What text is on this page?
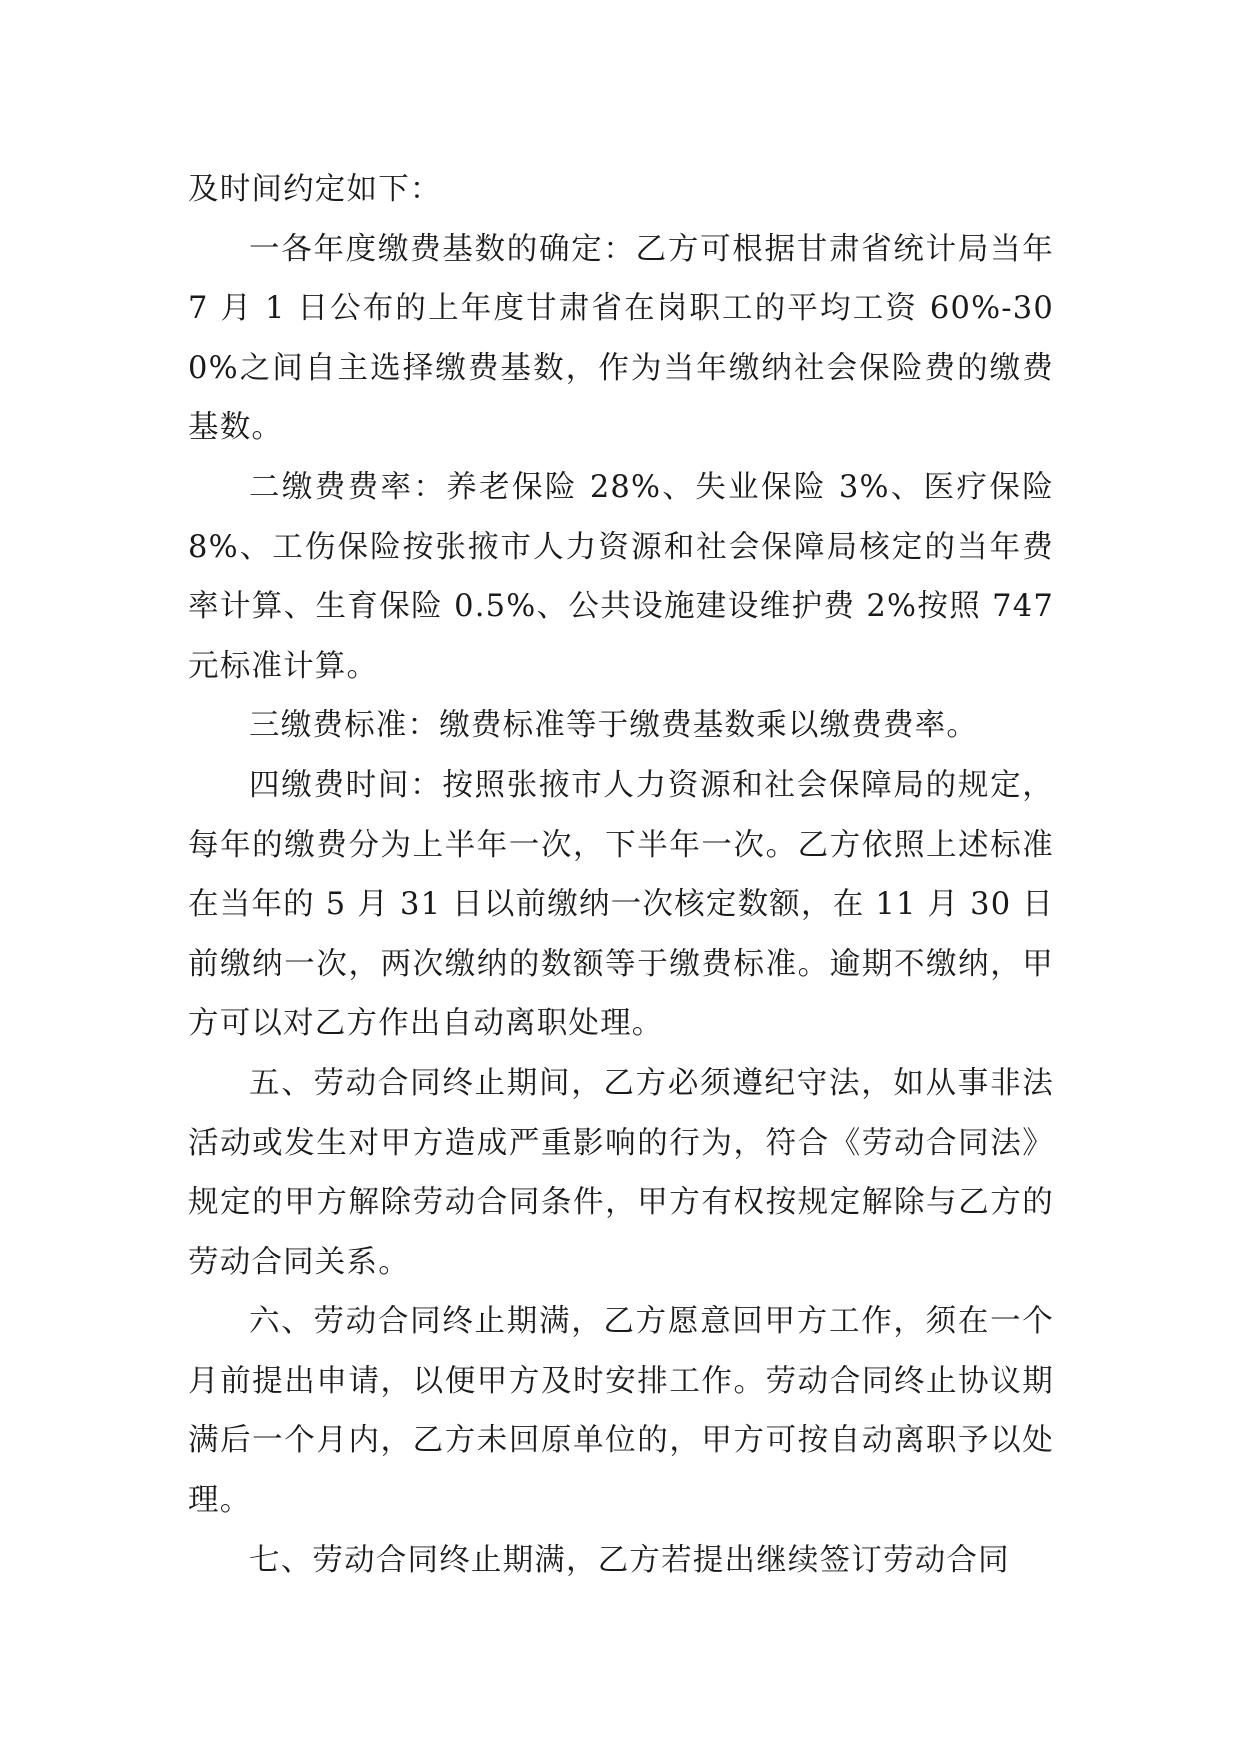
及时间约定如下：

一各年度缴费基数的确定：乙方可根据甘肃省统计局当年 7 月 1 日公布的上年度甘肃省在岗职工的平均工资 60%-300%之间自主选择缴费基数，作为当年缴纳社会保险费的缴费基数。

二缴费费率：养老保险 28%、失业保险 3%、医疗保险 8%、工伤保险按张掖市人力资源和社会保障局核定的当年费率计算、生育保险 0.5%、公共设施建设维护费 2%按照 747 元标准计算。

三缴费标准：缴费标准等于缴费基数乘以缴费费率。

四缴费时间：按照张掖市人力资源和社会保障局的规定，每年的缴费分为上半年一次，下半年一次。乙方依照上述标准在当年的 5 月 31 日以前缴纳一次核定数额，在 11 月 30 日前缴纳一次，两次缴纳的数额等于缴费标准。逾期不缴纳，甲方可以对乙方作出自动离职处理。

五、劳动合同终止期间，乙方必须遵纪守法，如从事非法活动或发生对甲方造成严重影响的行为，符合《劳动合同法》规定的甲方解除劳动合同条件，甲方有权按规定解除与乙方的劳动合同关系。

六、劳动合同终止期满，乙方愿意回甲方工作，须在一个月前提出申请，以便甲方及时安排工作。劳动合同终止协议期满后一个月内，乙方未回原单位的，甲方可按自动离职予以处理。

七、劳动合同终止期满，乙方若提出继续签订劳动合同
